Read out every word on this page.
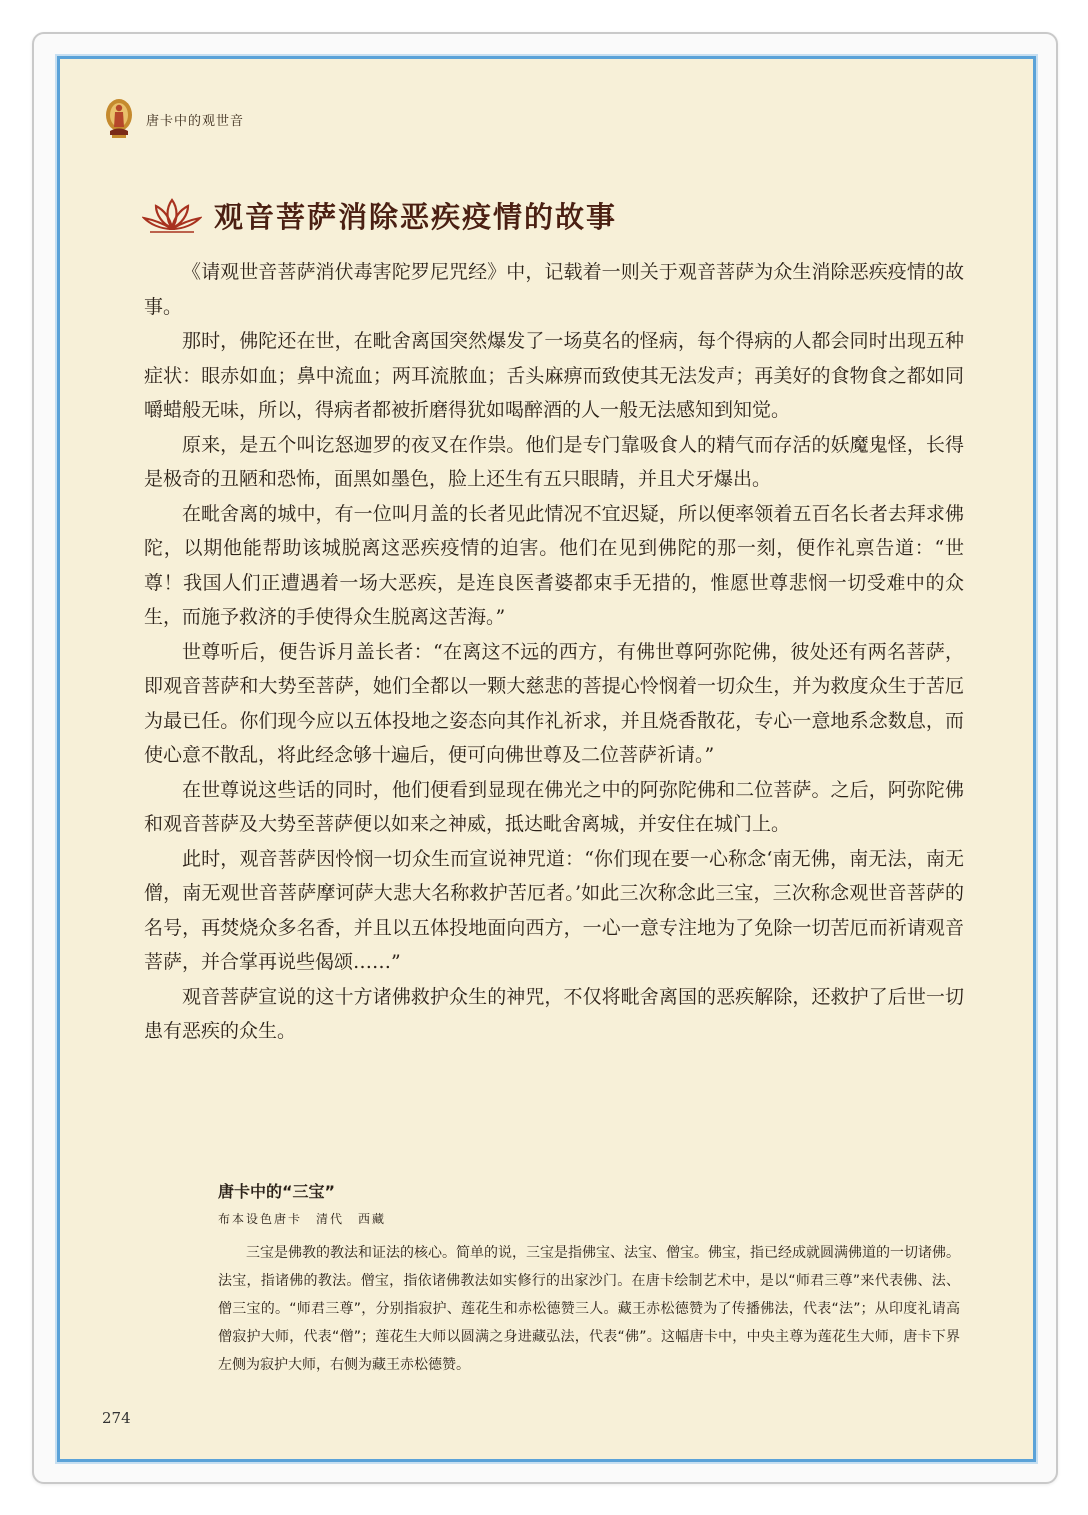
唐卡中的观世音
观音菩萨消除恶疾疫情的故事

《请观世音菩萨消伏毒害陀罗尼咒经》中，记载着一则关于观音菩萨为众生消除恶疾疫情的故事。

那时，佛陀还在世，在毗舍离国突然爆发了一场莫名的怪病，每个得病的人都会同时出现五种症状：眼赤如血；鼻中流血；两耳流脓血；舌头麻痹而致使其无法发声；再美好的食物食之都如同嚼蜡般无味，所以，得病者都被折磨得犹如喝醉酒的人一般无法感知到知觉。

原来，是五个叫讫怒迦罗的夜叉在作祟。他们是专门靠吸食人的精气而存活的妖魔鬼怪，长得是极奇的丑陋和恐怖，面黑如墨色，脸上还生有五只眼睛，并且犬牙爆出。

在毗舍离的城中，有一位叫月盖的长者见此情况不宜迟疑，所以便率领着五百名长者去拜求佛陀，以期他能帮助该城脱离这恶疾疫情的迫害。他们在见到佛陀的那一刻，便作礼禀告道：“世尊！我国人们正遭遇着一场大恶疾，是连良医耆婆都束手无措的，惟愿世尊悲悯一切受难中的众生，而施予救济的手使得众生脱离这苦海。”

世尊听后，便告诉月盖长者：“在离这不远的西方，有佛世尊阿弥陀佛，彼处还有两名菩萨，即观音菩萨和大势至菩萨，她们全都以一颗大慈悲的菩提心怜悯着一切众生，并为救度众生于苦厄为最已任。你们现今应以五体投地之姿态向其作礼祈求，并且烧香散花，专心一意地系念数息，而使心意不散乱，将此经念够十遍后，便可向佛世尊及二位菩萨祈请。”

在世尊说这些话的同时，他们便看到显现在佛光之中的阿弥陀佛和二位菩萨。之后，阿弥陀佛和观音菩萨及大势至菩萨便以如来之神威，抵达毗舍离城，并安住在城门上。

此时，观音菩萨因怜悯一切众生而宣说神咒道：“你们现在要一心称念‘南无佛，南无法，南无僧，南无观世音菩萨摩诃萨大悲大名称救护苦厄者。’如此三次称念此三宝，三次称念观世音菩萨的名号，再焚烧众多名香，并且以五体投地面向西方，一心一意专注地为了免除一切苦厄而祈请观音菩萨，并合掌再说些偈颂……”

观音菩萨宣说的这十方诸佛救护众生的神咒，不仅将毗舍离国的恶疾解除，还救护了后世一切患有恶疾的众生。

唐卡中的“三宝”
布本设色唐卡　清代　西藏
三宝是佛教的教法和证法的核心。简单的说，三宝是指佛宝、法宝、僧宝。佛宝，指已经成就圆满佛道的一切诸佛。法宝，指诸佛的教法。僧宝，指依诸佛教法如实修行的出家沙门。在唐卡绘制艺术中，是以“师君三尊”来代表佛、法、僧三宝的。“师君三尊”，分别指寂护、莲花生和赤松德赞三人。藏王赤松德赞为了传播佛法，代表“法”；从印度礼请高僧寂护大师，代表“僧”；莲花生大师以圆满之身进藏弘法，代表“佛”。这幅唐卡中，中央主尊为莲花生大师，唐卡下界左侧为寂护大师，右侧为藏王赤松德赞。
274
